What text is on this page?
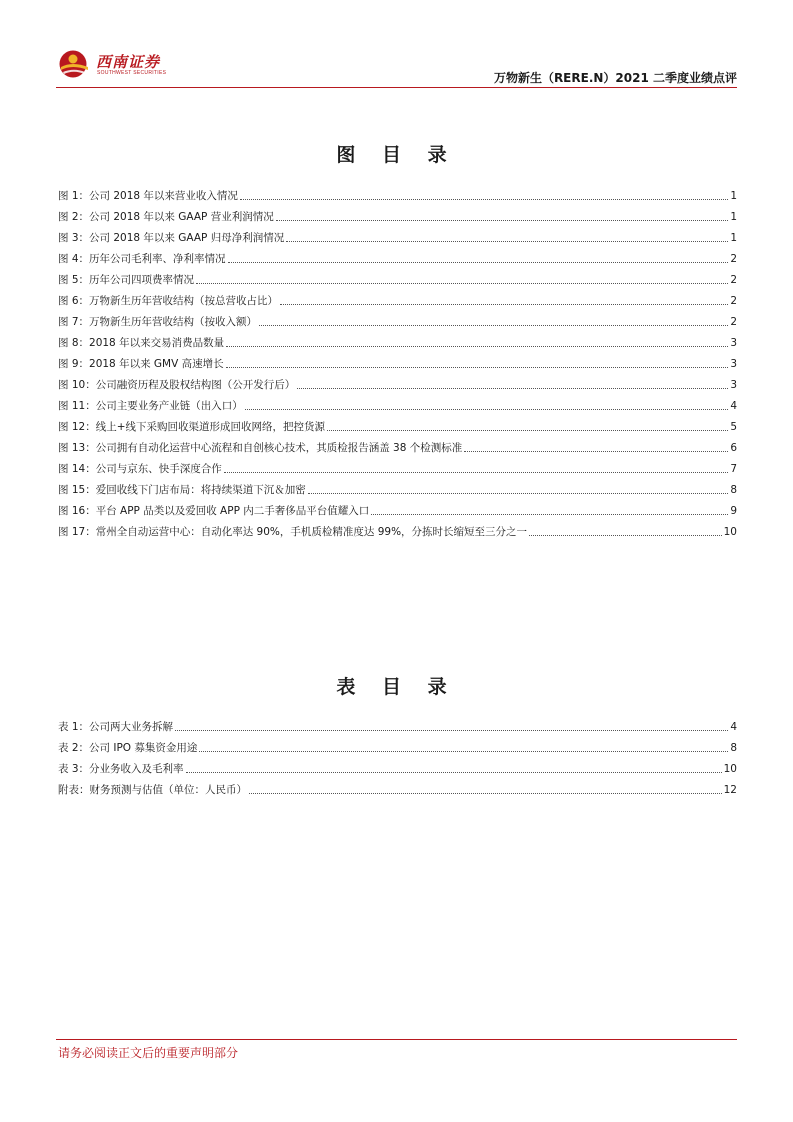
西南证券
SOUTHWEST SECURITIES	万物新生（RERE.N）2021 二季度业绩点评
图 目 录
图 1：公司 2018 年以来营业收入情况	1
图 2：公司 2018 年以来 GAAP 营业利润情况	1
图 3：公司 2018 年以来 GAAP 归母净利润情况	1
图 4：历年公司毛利率、净利率情况	2
图 5：历年公司四项费率情况	2
图 6：万物新生历年营收结构（按总营收占比）	2
图 7：万物新生历年营收结构（按收入额）	2
图 8：2018 年以来交易消费品数量	3
图 9：2018 年以来 GMV 高速增长	3
图 10：公司融资历程及股权结构图（公开发行后）	3
图 11：公司主要业务产业链（出入口）	4
图 12：线上+线下采购回收渠道形成回收网络，把控货源	5
图 13：公司拥有自动化运营中心流程和自创核心技术，其质检报告涵盖 38 个检测标准	6
图 14：公司与京东、快手深度合作	7
图 15：爱回收线下门店布局：将持续渠道下沉＆加密	8
图 16：平台 APP 品类以及爱回收 APP 内二手奢侈品平台值耀入口	9
图 17：常州全自动运营中心：自动化率达 90%，手机质检精准度达 99%，分拣时长缩短至三分之一	10
表 目 录
表 1：公司两大业务拆解	4
表 2：公司 IPO 募集资金用途	8
表 3：分业务收入及毛利率	10
附表：财务预测与估值（单位：人民币）	12
请务必阅读正文后的重要声明部分
